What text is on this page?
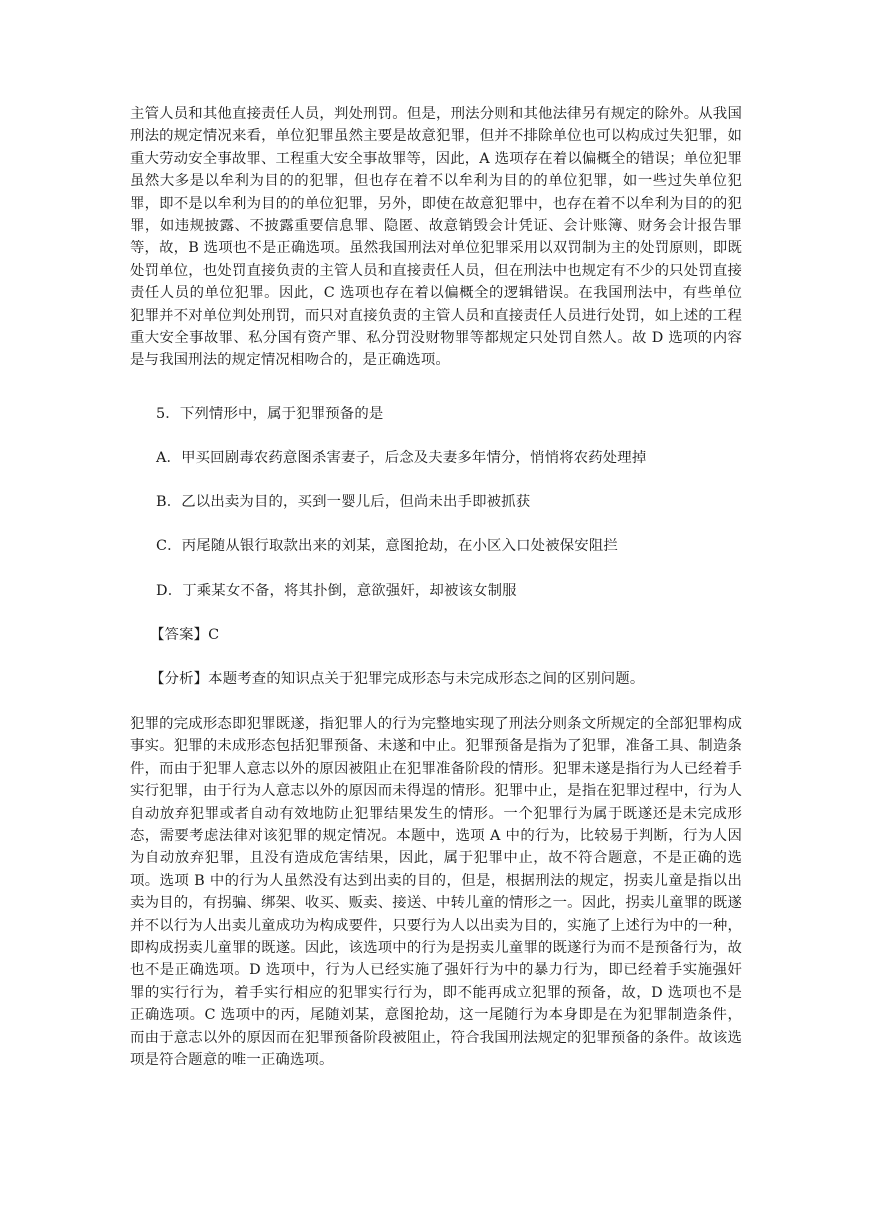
主管人员和其他直接责任人员，判处刑罚。但是，刑法分则和其他法律另有规定的除外。从我国刑法的规定情况来看，单位犯罪虽然主要是故意犯罪，但并不排除单位也可以构成过失犯罪，如重大劳动安全事故罪、工程重大安全事故罪等，因此，A 选项存在着以偏概全的错误；单位犯罪虽然大多是以牟利为目的的犯罪，但也存在着不以牟利为目的的单位犯罪，如一些过失单位犯罪，即不是以牟利为目的的单位犯罪，另外，即使在故意犯罪中，也存在着不以牟利为目的的犯罪，如违规披露、不披露重要信息罪、隐匿、故意销毁会计凭证、会计账簿、财务会计报告罪等，故，B 选项也不是正确选项。虽然我国刑法对单位犯罪采用以双罚制为主的处罚原则，即既处罚单位，也处罚直接负责的主管人员和直接责任人员，但在刑法中也规定有不少的只处罚直接责任人员的单位犯罪。因此，C 选项也存在着以偏概全的逻辑错误。在我国刑法中，有些单位犯罪并不对单位判处刑罚，而只对直接负责的主管人员和直接责任人员进行处罚，如上述的工程重大安全事故罪、私分国有资产罪、私分罚没财物罪等都规定只处罚自然人。故 D 选项的内容是与我国刑法的规定情况相吻合的，是正确选项。

5．下列情形中，属于犯罪预备的是
A．甲买回剧毒农药意图杀害妻子，后念及夫妻多年情分，悄悄将农药处理掉
B．乙以出卖为目的，买到一婴儿后，但尚未出手即被抓获
C．丙尾随从银行取款出来的刘某，意图抢劫，在小区入口处被保安阻拦
D．丁乘某女不备，将其扑倒，意欲强奸，却被该女制服
【答案】C
【分析】本题考查的知识点关于犯罪完成形态与未完成形态之间的区别问题。

犯罪的完成形态即犯罪既遂，指犯罪人的行为完整地实现了刑法分则条文所规定的全部犯罪构成事实。犯罪的未成形态包括犯罪预备、未遂和中止。犯罪预备是指为了犯罪，准备工具、制造条件，而由于犯罪人意志以外的原因被阻止在犯罪准备阶段的情形。犯罪未遂是指行为人已经着手实行犯罪，由于行为人意志以外的原因而未得逞的情形。犯罪中止，是指在犯罪过程中，行为人自动放弃犯罪或者自动有效地防止犯罪结果发生的情形。一个犯罪行为属于既遂还是未完成形态，需要考虑法律对该犯罪的规定情况。本题中，选项 A 中的行为，比较易于判断，行为人因为自动放弃犯罪，且没有造成危害结果，因此，属于犯罪中止，故不符合题意，不是正确的选项。选项 B 中的行为人虽然没有达到出卖的目的，但是，根据刑法的规定，拐卖儿童是指以出卖为目的，有拐骗、绑架、收买、贩卖、接送、中转儿童的情形之一。因此，拐卖儿童罪的既遂并不以行为人出卖儿童成功为构成要件，只要行为人以出卖为目的，实施了上述行为中的一种，即构成拐卖儿童罪的既遂。因此，该选项中的行为是拐卖儿童罪的既遂行为而不是预备行为，故也不是正确选项。D 选项中，行为人已经实施了强奸行为中的暴力行为，即已经着手实施强奸罪的实行行为，着手实行相应的犯罪实行行为，即不能再成立犯罪的预备，故，D 选项也不是正确选项。C 选项中的丙，尾随刘某，意图抢劫，这一尾随行为本身即是在为犯罪制造条件，而由于意志以外的原因而在犯罪预备阶段被阻止，符合我国刑法规定的犯罪预备的条件。故该选项是符合题意的唯一正确选项。
